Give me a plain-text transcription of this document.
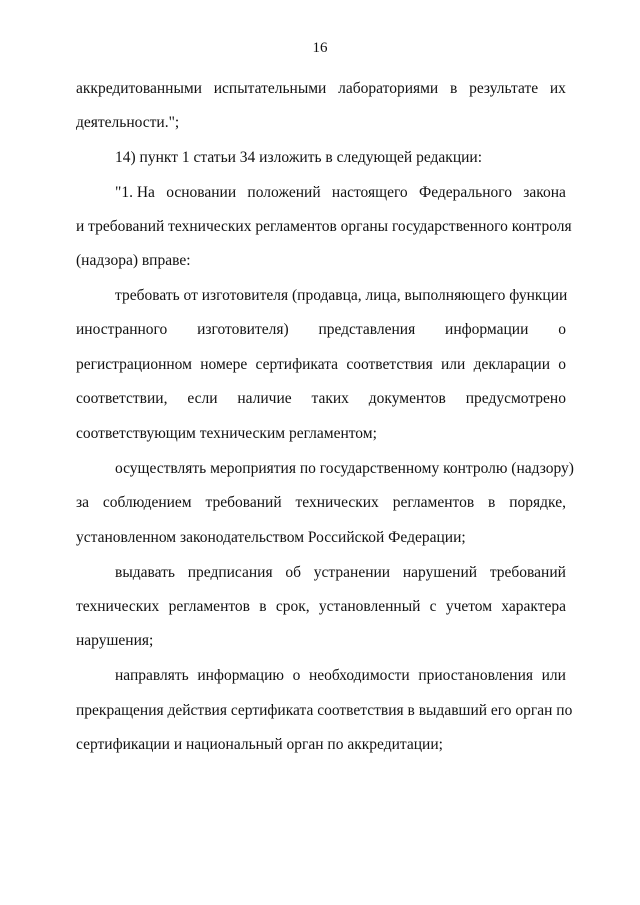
16
аккредитованными испытательными лабораториями в результате их
деятельности.";
14) пункт 1 статьи 34 изложить в следующей редакции:
"1. На основании положений настоящего Федерального закона
и требований технических регламентов органы государственного контроля
(надзора) вправе:
требовать от изготовителя (продавца, лица, выполняющего функции
иностранного изготовителя) представления информации о
регистрационном номере сертификата соответствия или декларации о
соответствии, если наличие таких документов предусмотрено
соответствующим техническим регламентом;
осуществлять мероприятия по государственному контролю (надзору)
за соблюдением требований технических регламентов в порядке,
установленном законодательством Российской Федерации;
выдавать предписания об устранении нарушений требований
технических регламентов в срок, установленный с учетом характера
нарушения;
направлять информацию о необходимости приостановления или
прекращения действия сертификата соответствия в выдавший его орган по
сертификации и национальный орган по аккредитации;
